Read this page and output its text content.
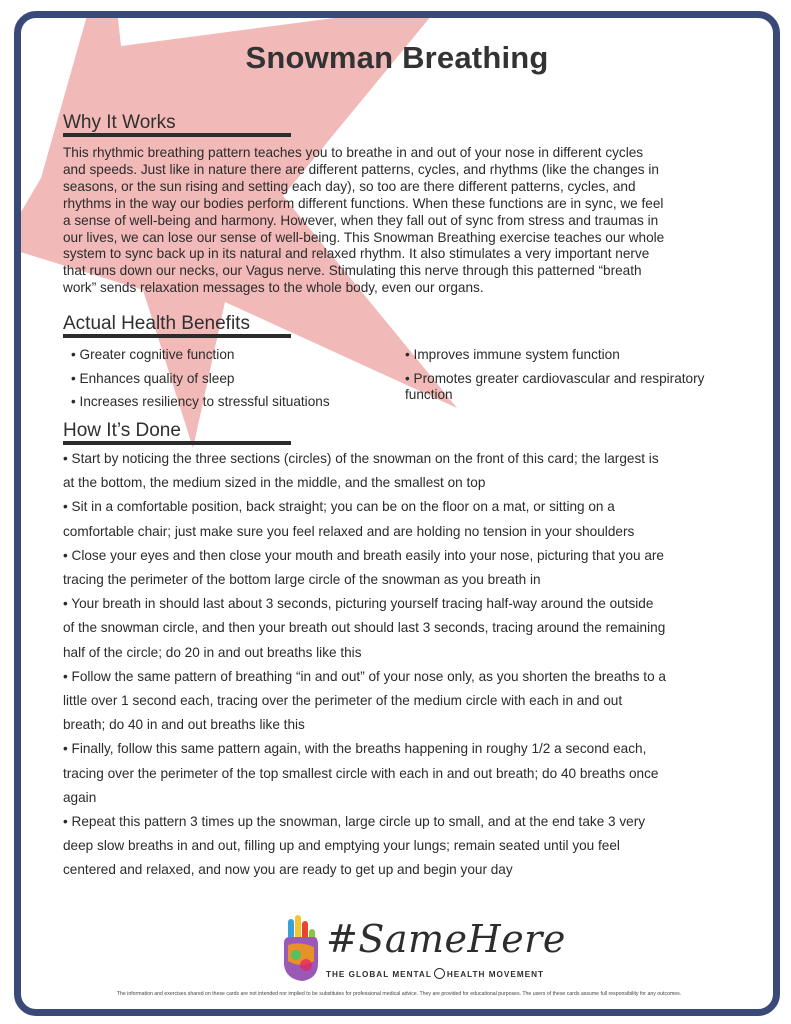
Snowman Breathing
Why It Works
This rhythmic breathing pattern teaches you to breathe in and out of your nose in different cycles
and speeds. Just like in nature there are different patterns, cycles, and rhythms (like the changes in
seasons, or the sun rising and setting each day), so too are there different patterns, cycles, and
rhythms in the way our bodies perform different functions. When these functions are in sync, we feel
a sense of well-being and harmony. However, when they fall out of sync from stress and traumas in
our lives, we can lose our sense of well-being. This Snowman Breathing exercise teaches our whole
system to sync back up in its natural and relaxed rhythm. It also stimulates a very important nerve
that runs down our necks, our Vagus nerve. Stimulating this nerve through this patterned “breath
work” sends relaxation messages to the whole body, even our organs.
Actual Health Benefits
• Greater cognitive function
• Enhances quality of sleep
• Increases resiliency to stressful situations
• Improves immune system function
• Promotes greater cardiovascular and respiratory
function
How It’s Done
• Start by noticing the three sections (circles) of the snowman on the front of this card; the largest is
at the bottom, the medium sized in the middle, and the smallest on top
• Sit in a comfortable position, back straight; you can be on the floor on a mat, or sitting on a
comfortable chair; just make sure you feel relaxed and are holding no tension in your shoulders
• Close your eyes and then close your mouth and breath easily into your nose, picturing that you are
tracing the perimeter of the bottom large circle of the snowman as you breath in
• Your breath in should last about 3 seconds, picturing yourself tracing half-way around the outside
of the snowman circle, and then your breath out should last 3 seconds, tracing around the remaining
half of the circle; do 20 in and out breaths like this
• Follow the same pattern of breathing “in and out” of your nose only, as you shorten the breaths to a
little over 1 second each, tracing over the perimeter of the medium circle with each in and out
breath; do 40 in and out breaths like this
• Finally, follow this same pattern again, with the breaths happening in roughy 1/2 a second each,
tracing over the perimeter of the top smallest circle with each in and out breath; do 40 breaths once
again
• Repeat this pattern 3 times up the snowman, large circle up to small, and at the end take 3 very
deep slow breaths in and out, filling up and emptying your lungs; remain seated until you feel
centered and relaxed, and now you are ready to get up and begin your day
#SameHere
THE GLOBAL MENTAL HEALTH MOVEMENT
The information and exercises shared on these cards are not intended nor implied to be substitutes for professional medical advice. They are provided for educational purposes. The users of these cards assume full responsibility for any outcomes.
